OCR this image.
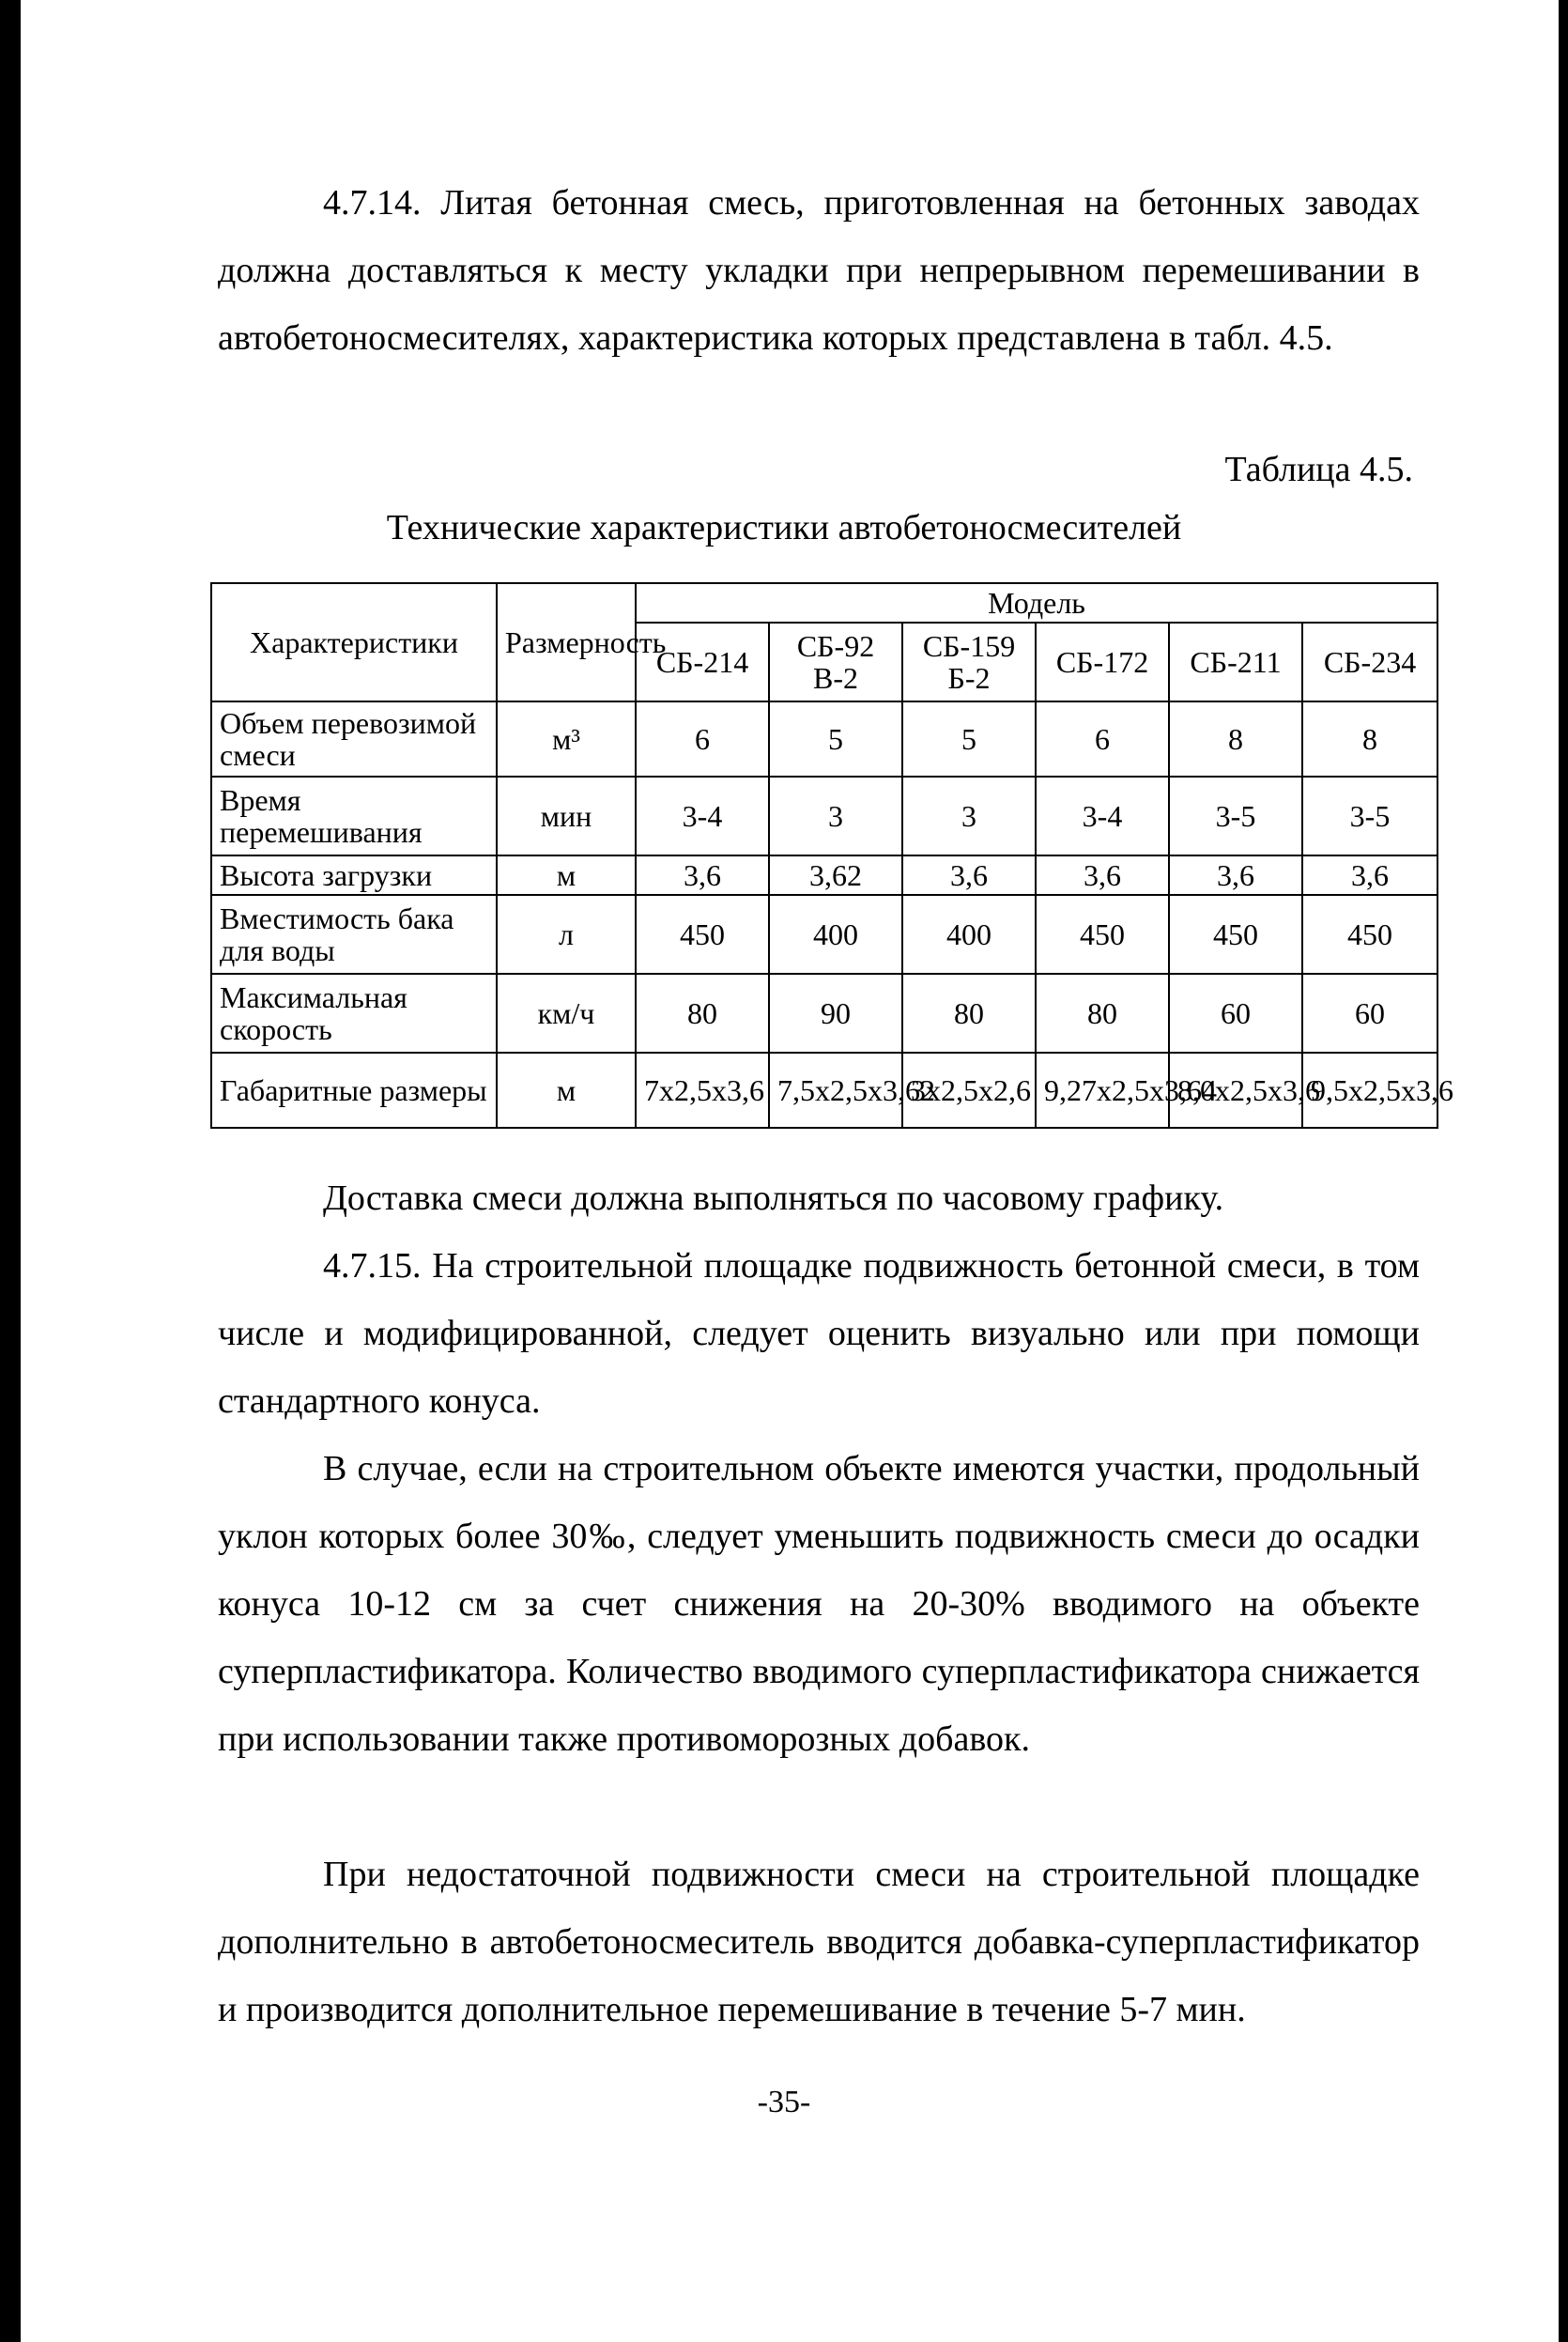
4.7.14. Литая бетонная смесь, приготовленная на бетонных заводах должна доставляться к месту укладки при непрерывном перемешивании в автобетоносмесителях, характеристика которых представлена в табл. 4.5.

Таблица 4.5.

Технические характеристики автобетоносмесителей

Характеристики	Размерность	Модель					
		СБ-214	СБ-92 В-2	СБ-159 Б-2	СБ-172	СБ-211	СБ-234
Объем перевозимой смеси	м³	6	5	5	6	8	8
Время перемешивания	мин	3-4	3	3	3-4	3-5	3-5
Высота загрузки	м	3,6	3,62	3,6	3,6	3,6	3,6
Вместимость бака для воды	л	450	400	400	450	450	450
Максимальная скорость	км/ч	80	90	80	80	60	60
Габаритные размеры	м	7х2,5х3,6	7,5х2,5х3,62	3х2,5х2,6	9,27х2,5х3,64	8,0х2,5х3,6	9,5х2,5х3,6

Доставка смеси должна выполняться по часовому графику.

4.7.15. На строительной площадке подвижность бетонной смеси, в том числе и модифицированной, следует оценить визуально или при помощи стандартного конуса.

В случае, если на строительном объекте имеются участки, продольный уклон которых более 30‰, следует уменьшить подвижность смеси до осадки конуса 10-12 см за счет снижения на 20-30% вводимого на объекте суперпластификатора. Количество вводимого суперпластификатора снижается при использовании также противоморозных добавок.

При недостаточной подвижности смеси на строительной площадке дополнительно в автобетоносмеситель вводится добавка-суперпластификатор и производится дополнительное перемешивание в течение 5-7 мин.

-35-
